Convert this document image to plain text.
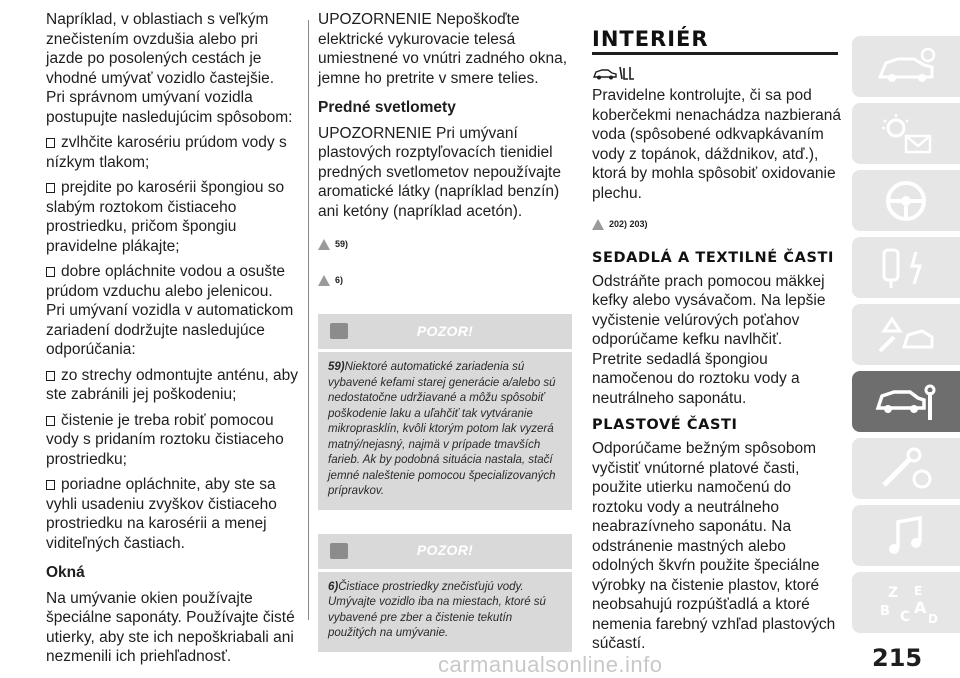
Napríklad, v oblastiach s veľkým znečistením ovzdušia alebo pri jazde po posolených cestách je vhodné umývať vozidlo častejšie.

Pri správnom umývaní vozidla postupujte nasledujúcim spôsobom:

zvlhčite karosériu prúdom vody s nízkym tlakom;

prejdite po karosérii špongiou so slabým roztokom čistiaceho prostriedku, pričom špongiu pravidelne plákajte;

dobre opláchnite vodou a osušte prúdom vzduchu alebo jelenicou.

Pri umývaní vozidla v automatickom zariadení dodržujte nasledujúce odporúčania:

zo strechy odmontujte anténu, aby ste zabránili jej poškodeniu;

čistenie je treba robiť pomocou vody s pridaním roztoku čistiaceho prostriedku;

poriadne opláchnite, aby ste sa vyhli usadeniu zvyškov čistiaceho prostriedku na karosérii a menej viditeľných častiach.

Okná

Na umývanie okien používajte špeciálne saponáty. Používajte čisté utierky, aby ste ich nepoškriabali ani nezmenili ich priehľadnosť.

UPOZORNENIE Nepoškoďte elektrické vykurovacie telesá umiestnené vo vnútri zadného okna, jemne ho pretrite v smere telies.

Predné svetlomety

UPOZORNENIE Pri umývaní plastových rozptyľovacích tienidiel predných svetlometov nepoužívajte aromatické látky (napríklad benzín) ani ketóny (napríklad acetón).

59)
6)
POZOR!
59)Niektoré automatické zariadenia sú vybavené kefami starej generácie a/alebo sú nedostatočne udržiavané a môžu spôsobiť poškodenie laku a uľahčiť tak vytváranie mikroprasklín, kvôli ktorým potom lak vyzerá matný/nejasný, najmä v prípade tmavších farieb. Ak by podobná situácia nastala, stačí jemné naleštenie pomocou špecializovaných prípravkov.
POZOR!
6)Čistiace prostriedky znečisťujú vody. Umývajte vozidlo iba na miestach, ktoré sú vybavené pre zber a čistenie tekutín použitých na umývanie.
INTERIÉR

Pravidelne kontrolujte, či sa pod koberčekmi nenachádza nazbieraná voda (spôsobené odkvapkávaním vody z topánok, dáždnikov, atď.), ktorá by mohla spôsobiť oxidovanie plechu.

202) 203)
SEDADLÁ A TEXTILNÉ ČASTI

Odstráňte prach pomocou mäkkej kefky alebo vysávačom. Na lepšie vyčistenie velúrových poťahov odporúčame kefku navlhčiť.

Pretrite sedadlá špongiou namočenou do roztoku vody a neutrálneho saponátu.

PLASTOVÉ ČASTI

Odporúčame bežným spôsobom vyčistiť vnútorné platové časti, použite utierku namočenú do roztoku vody a neutrálneho neabrazívneho saponátu. Na odstránenie mastných alebo odolných škvŕn použite špeciálne výrobky na čistenie plastov, ktoré neobsahujú rozpúšťadlá a ktoré nemenia farebný vzhľad plastových súčastí.

Z E
B C A
D
215
carmanualsonline.info
